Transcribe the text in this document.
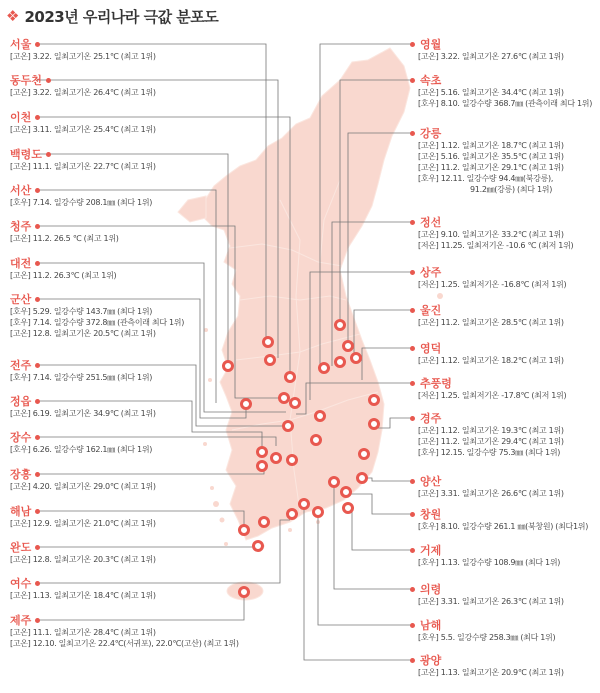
❖ 2023년 우리나라 극값 분포도
서울
[고온] 3.22. 일최고기온 25.1℃ (최고 1위)
동두천
[고온] 3.22. 일최고기온 26.4℃ (최고 1위)
이천
[고온] 3.11. 일최고기온 25.4℃ (최고 1위)
백령도
[고온] 11.1. 일최고기온 22.7℃ (최고 1위)
서산
[호우] 7.14. 일강수량 208.1㎜ (최다 1위)
청주
[고온] 11.2. 26.5 ℃ (최고 1위)
대전
[고온] 11.2. 26.3℃ (최고 1위)
군산
[호우] 5.29. 일강수량 143.7㎜ (최다 1위)
[호우] 7.14. 일강수량 372.8㎜ (관측이래 최다 1위)
[고온] 12.8. 일최고기온 20.5℃ (최고 1위)
전주
[호우] 7.14. 일강수량 251.5㎜ (최다 1위)
정읍
[고온] 6.19. 일최고기온 34.9℃ (최고 1위)
장수
[호우] 6.26. 일강수량 162.1㎜ (최다 1위)
장흥
[고온] 4.20. 일최고기온 29.0℃ (최고 1위)
해남
[고온] 12.9. 일최고기온 21.0℃ (최고 1위)
완도
[고온] 12.8. 일최고기온 20.3℃ (최고 1위)
여수
[고온] 1.13. 일최고기온 18.4℃ (최고 1위)
제주
[고온] 11.1. 일최고기온 28.4℃ (최고 1위)
[고온] 12.10. 일최고기온 22.4℃(서귀포), 22.0℃(고산) (최고 1위)
영월
[고온] 3.22. 일최고기온 27.6℃ (최고 1위)
속초
[고온] 5.16. 일최고기온 34.4℃ (최고 1위)
[호우] 8.10. 일강수량 368.7㎜ (관측이래 최다 1위)
강릉
[고온] 1.12. 일최고기온 18.7℃ (최고 1위)
[고온] 5.16. 일최고기온 35.5℃ (최고 1위)
[고온] 11.2. 일최고기온 29.1℃ (최고 1위)
[호우] 12.11. 일강수량 94.4㎜(북강릉),
91.2㎜(강릉) (최다 1위)
정선
[고온] 9.10. 일최고기온 33.2℃ (최고 1위)
[저온] 11.25. 일최저기온 -10.6 ℃ (최저 1위)
상주
[저온] 1.25. 일최저기온 -16.8℃ (최저 1위)
울진
[고온] 11.2. 일최고기온 28.5℃ (최고 1위)
영덕
[고온] 1.12. 일최고기온 18.2℃ (최고 1위)
추풍령
[저온] 1.25. 일최저기온 -17.8℃ (최저 1위)
경주
[고온] 1.12. 일최고기온 19.3℃ (최고 1위)
[고온] 11.2. 일최고기온 29.4℃ (최고 1위)
[호우] 12.15. 일강수량 75.3㎜ (최다 1위)
양산
[고온] 3.31. 일최고기온 26.6℃ (최고 1위)
창원
[호우] 8.10. 일강수량 261.1 ㎜(북창원) (최다1위)
거제
[호우] 1.13. 일강수량 108.9㎜ (최다 1위)
의령
[고온] 3.31. 일최고기온 26.3℃ (최고 1위)
남해
[호우] 5.5. 일강수량 258.3㎜ (최다 1위)
광양
[고온] 1.13. 일최고기온 20.9℃ (최고 1위)
